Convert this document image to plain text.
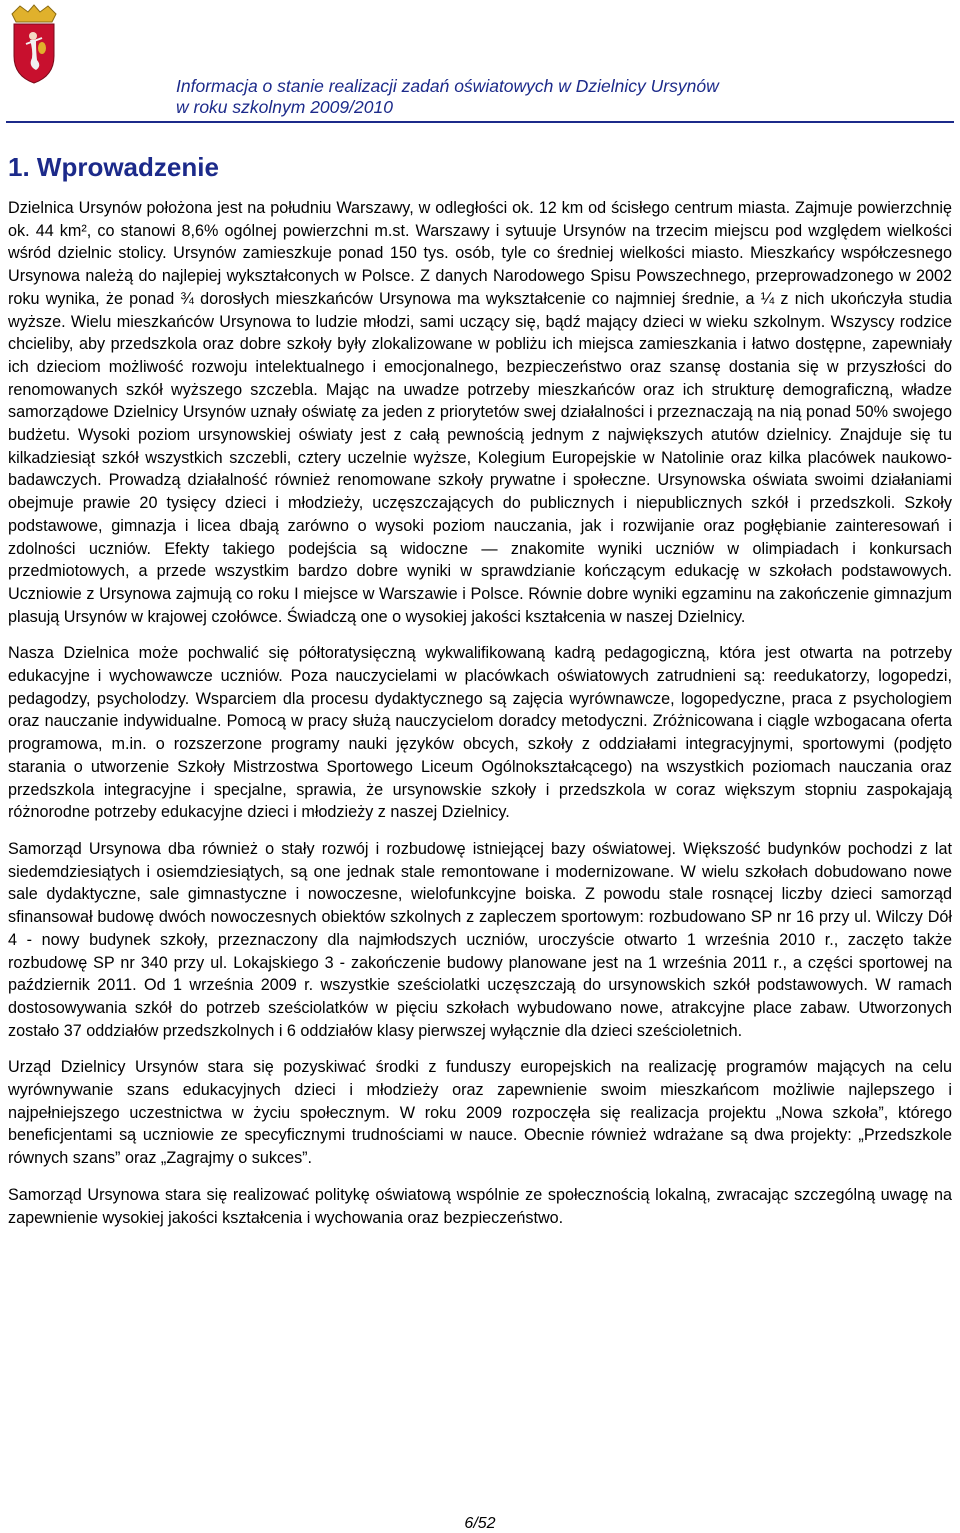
Informacja o stanie realizacji zadań oświatowych w Dzielnicy Ursynów
w roku szkolnym 2009/2010
1. Wprowadzenie

Dzielnica Ursynów położona jest na południu Warszawy, w odległości ok. 12 km od ścisłego centrum miasta. Zajmuje powierzchnię ok. 44 km², co stanowi 8,6% ogólnej powierzchni m.st. Warszawy i sytuuje Ursynów na trzecim miejscu pod względem wielkości wśród dzielnic stolicy. Ursynów zamieszkuje ponad 150 tys. osób, tyle co średniej wielkości miasto. Mieszkańcy współczesnego Ursynowa należą do najlepiej wykształconych w Polsce. Z danych Narodowego Spisu Powszechnego, przeprowadzonego w 2002 roku wynika, że ponad ¾ dorosłych mieszkańców Ursynowa ma wykształcenie co najmniej średnie, a ¼ z nich ukończyła studia wyższe. Wielu mieszkańców Ursynowa to ludzie młodzi, sami uczący się, bądź mający dzieci w wieku szkolnym. Wszyscy rodzice chcieliby, aby przedszkola oraz dobre szkoły były zlokalizowane w pobliżu ich miejsca zamieszkania i łatwo dostępne, zapewniały ich dzieciom możliwość rozwoju intelektualnego i emocjonalnego, bezpieczeństwo oraz szansę dostania się w przyszłości do renomowanych szkół wyższego szczebla. Mając na uwadze potrzeby mieszkańców oraz ich strukturę demograficzną, władze samorządowe Dzielnicy Ursynów uznały oświatę za jeden z priorytetów swej działalności i przeznaczają na nią ponad 50% swojego budżetu. Wysoki poziom ursynowskiej oświaty jest z całą pewnością jednym z największych atutów dzielnicy. Znajduje się tu kilkadziesiąt szkół wszystkich szczebli, cztery uczelnie wyższe, Kolegium Europejskie w Natolinie oraz kilka placówek naukowo-badawczych. Prowadzą działalność również renomowane szkoły prywatne i społeczne. Ursynowska oświata swoimi działaniami obejmuje prawie 20 tysięcy dzieci i młodzieży, uczęszczających do publicznych i niepublicznych szkół i przedszkoli. Szkoły podstawowe, gimnazja i licea dbają zarówno o wysoki poziom nauczania, jak i rozwijanie oraz pogłębianie zainteresowań i zdolności uczniów. Efekty takiego podejścia są widoczne — znakomite wyniki uczniów w olimpiadach i konkursach przedmiotowych, a przede wszystkim bardzo dobre wyniki w sprawdzianie kończącym edukację w szkołach podstawowych. Uczniowie z Ursynowa zajmują co roku I miejsce w Warszawie i Polsce. Równie dobre wyniki egzaminu na zakończenie gimnazjum plasują Ursynów w krajowej czołówce. Świadczą one o wysokiej jakości kształcenia w naszej Dzielnicy.

Nasza Dzielnica może pochwalić się półtoratysięczną wykwalifikowaną kadrą pedagogiczną, która jest otwarta na potrzeby edukacyjne i wychowawcze uczniów. Poza nauczycielami w placówkach oświatowych zatrudnieni są: reedukatorzy, logopedzi, pedagodzy, psycholodzy. Wsparciem dla procesu dydaktycznego są zajęcia wyrównawcze, logopedyczne, praca z psychologiem oraz nauczanie indywidualne. Pomocą w pracy służą nauczycielom doradcy metodyczni. Zróżnicowana i ciągle wzbogacana oferta programowa, m.in. o rozszerzone programy nauki języków obcych, szkoły z oddziałami integracyjnymi, sportowymi (podjęto starania o utworzenie Szkoły Mistrzostwa Sportowego Liceum Ogólnokształcącego) na wszystkich poziomach nauczania oraz przedszkola integracyjne i specjalne, sprawia, że ursynowskie szkoły i przedszkola w coraz większym stopniu zaspokajają różnorodne potrzeby edukacyjne dzieci i młodzieży z naszej Dzielnicy.

Samorząd Ursynowa dba również o stały rozwój i rozbudowę istniejącej bazy oświatowej. Większość budynków pochodzi z lat siedemdziesiątych i osiemdziesiątych, są one jednak stale remontowane i modernizowane. W wielu szkołach dobudowano nowe sale dydaktyczne, sale gimnastyczne i nowoczesne, wielofunkcyjne boiska. Z powodu stale rosnącej liczby dzieci samorząd sfinansował budowę dwóch nowoczesnych obiektów szkolnych z zapleczem sportowym: rozbudowano SP nr 16 przy ul. Wilczy Dół 4 - nowy budynek szkoły, przeznaczony dla najmłodszych uczniów, uroczyście otwarto 1 września 2010 r., zaczęto także rozbudowę SP nr 340 przy ul. Lokajskiego 3 - zakończenie budowy planowane jest na 1 września 2011 r., a części sportowej na październik 2011. Od 1 września 2009 r. wszystkie sześciolatki uczęszczają do ursynowskich szkół podstawowych. W ramach dostosowywania szkół do potrzeb sześciolatków w pięciu szkołach wybudowano nowe, atrakcyjne place zabaw. Utworzonych zostało 37 oddziałów przedszkolnych i 6 oddziałów klasy pierwszej wyłącznie dla dzieci sześcioletnich.

Urząd Dzielnicy Ursynów stara się pozyskiwać środki z funduszy europejskich na realizację programów mających na celu wyrównywanie szans edukacyjnych dzieci i młodzieży oraz zapewnienie swoim mieszkańcom możliwie najlepszego i najpełniejszego uczestnictwa w życiu społecznym. W roku 2009 rozpoczęła się realizacja projektu „Nowa szkoła”, którego beneficjentami są uczniowie ze specyficznymi trudnościami w nauce. Obecnie również wdrażane są dwa projekty: „Przedszkole równych szans” oraz „Zagrajmy o sukces”.

Samorząd Ursynowa stara się realizować politykę oświatową wspólnie ze społecznością lokalną, zwracając szczególną uwagę na zapewnienie wysokiej jakości kształcenia i wychowania oraz bezpieczeństwo.

6/52
